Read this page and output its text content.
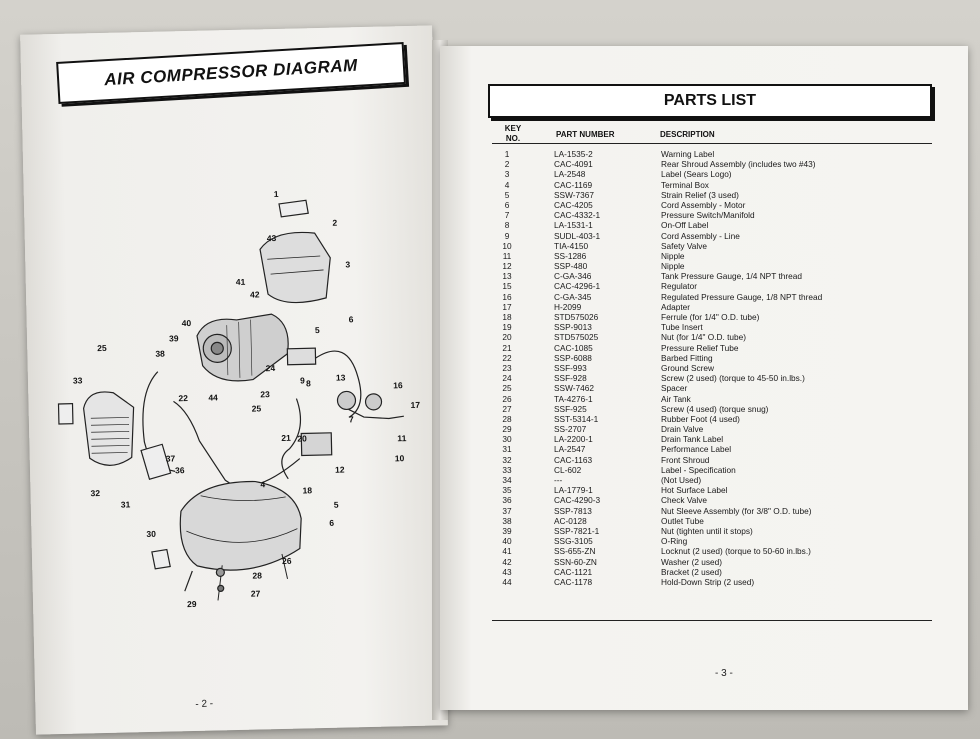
AIR COMPRESSOR DIAGRAM
1
2
3
43
41
42
6
40
39
38
25
33	9
24
23
5
8
13
16
17
22 44
25
11
21 20
7
10
37
36	12
18
4
5
6
31
32
30
26
28
27
29
- 2 -
PARTS LIST
KEY NO.	PART NUMBER	DESCRIPTION
1	LA-1535-2	Warning Label
2	CAC-4091	Rear Shroud Assembly (includes two #43)
3	LA-2548	Label (Sears Logo)
4	CAC-1169	Terminal Box
5	SSW-7367	Strain Relief (3 used)
6	CAC-4205	Cord Assembly - Motor
7	CAC-4332-1	Pressure Switch/Manifold
8	LA-1531-1	On-Off Label
9	SUDL-403-1	Cord Assembly - Line
10	TIA-4150	Safety Valve
11	SS-1286	Nipple
12	SSP-480	Nipple
13	C-GA-346	Tank Pressure Gauge, 1/4 NPT thread
15	CAC-4296-1	Regulator
16	C-GA-345	Regulated Pressure Gauge, 1/8 NPT thread
17	H-2099	Adapter
18	STD575026	Ferrule (for 1/4" O.D. tube)
19	SSP-9013	Tube Insert
20	STD575025	Nut (for 1/4" O.D. tube)
21	CAC-1085	Pressure Relief Tube
22	SSP-6088	Barbed Fitting
23	SSF-993	Ground Screw
24	SSF-928	Screw (2 used) (torque to 45-50 in.lbs.)
25	SSW-7462	Spacer
26	TA-4276-1	Air Tank
27	SSF-925	Screw (4 used) (torque snug)
28	SST-5314-1	Rubber Foot (4 used)
29	SS-2707	Drain Valve
30	LA-2200-1	Drain Tank Label
31	LA-2547	Performance Label
32	CAC-1163	Front Shroud
33	CL-602	Label - Specification
34	---	(Not Used)
35	LA-1779-1	Hot Surface Label
36	CAC-4290-3	Check Valve
37	SSP-7813	Nut Sleeve Assembly (for 3/8" O.D. tube)
38	AC-0128	Outlet Tube
39	SSP-7821-1	Nut (tighten until it stops)
40	SSG-3105	O-Ring
41	SS-655-ZN	Locknut (2 used) (torque to 50-60 in.lbs.)
42	SSN-60-ZN	Washer (2 used)
43	CAC-1121	Bracket (2 used)
44	CAC-1178	Hold-Down Strip (2 used)
- 3 -
